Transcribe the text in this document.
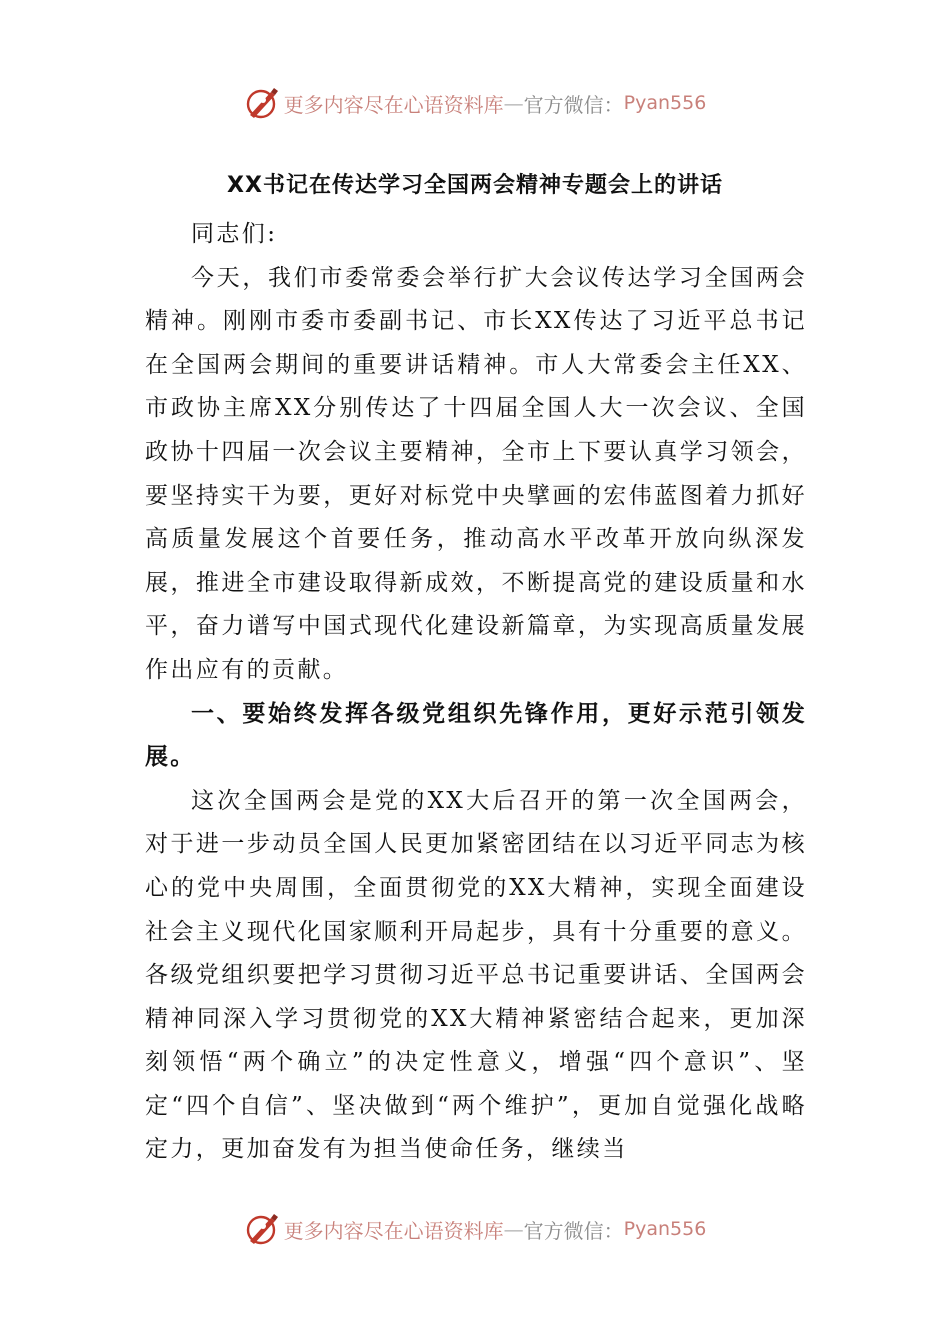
更多内容尽在心语资料库 — 官方微信： Pyan556
XX书记在传达学习全国两会精神专题会上的讲话

同志们:

今天，我们市委常委会举行扩大会议传达学习全国两会精神。刚刚市委市委副书记、市长XX传达了习近平总书记在全国两会期间的重要讲话精神。市人大常委会主任XX、市政协主席XX分别传达了十四届全国人大一次会议、全国政协十四届一次会议主要精神，全市上下要认真学习领会，要坚持实干为要，更好对标党中央擘画的宏伟蓝图着力抓好高质量发展这个首要任务，推动高水平改革开放向纵深发展，推进全市建设取得新成效，不断提高党的建设质量和水平，奋力谱写中国式现代化建设新篇章，为实现高质量发展作出应有的贡献。

一、要始终发挥各级党组织先锋作用，更好示范引领发展。

这次全国两会是党的XX大后召开的第一次全国两会，对于进一步动员全国人民更加紧密团结在以习近平同志为核心的党中央周围，全面贯彻党的XX大精神，实现全面建设社会主义现代化国家顺利开局起步，具有十分重要的意义。各级党组织要把学习贯彻习近平总书记重要讲话、全国两会精神同深入学习贯彻党的XX大精神紧密结合起来，更加深刻领悟“两个确立”的决定性意义，增强“四个意识”、坚定“四个自信”、坚决做到“两个维护”，更加自觉强化战略定力，更加奋发有为担当使命任务，继续当

更多内容尽在心语资料库 — 官方微信： Pyan556
